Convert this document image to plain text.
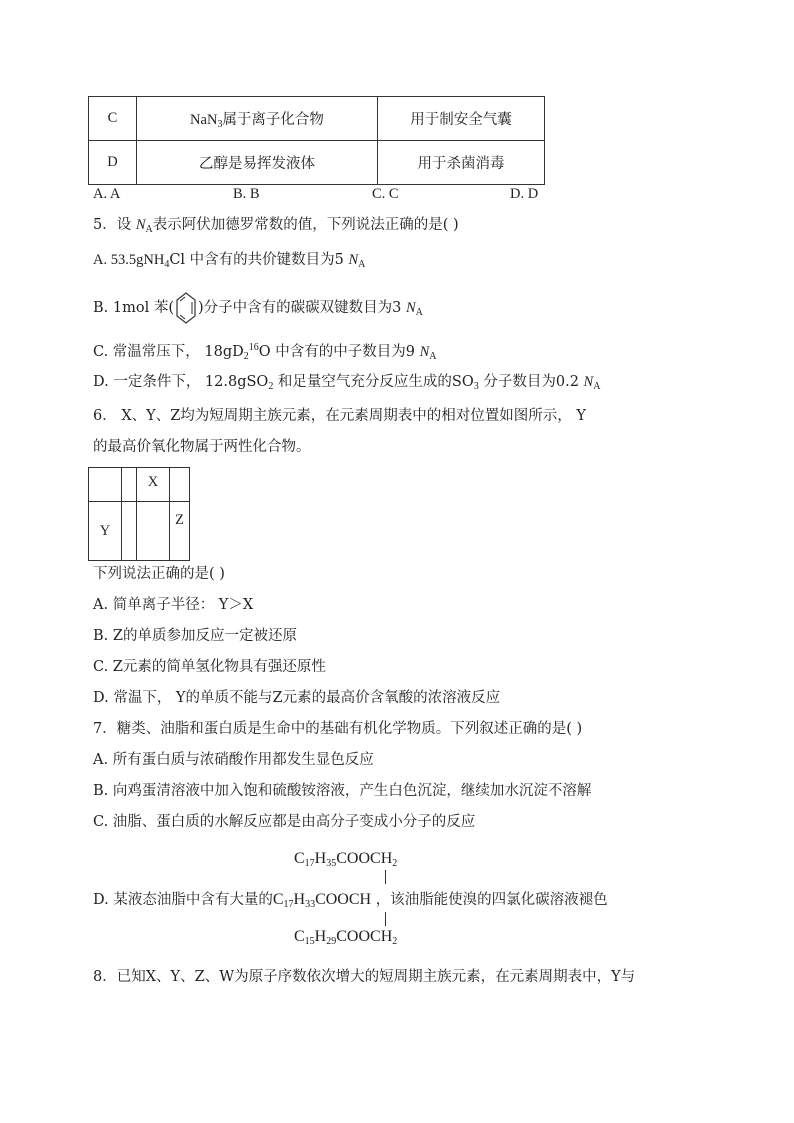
C	NaN$_3$属于离子化合物	用于制安全气囊
D	乙醇是易挥发液体	用于杀菌消毒
A. A	B. B	C. C	D. D
5．设 $N_A$表示阿伏加德罗常数的值，下列说法正确的是( )
A. 53.5gNH$_4$Cl 中含有的共价键数目为5 $N_A$
B. 1mol 苯( )分子中含有的碳碳双键数目为3 $N_A$
C. 常温常压下， $18gD_2^{16}O$ 中含有的中子数目为9 $N_A$
D. 一定条件下， 12.8gSO$_2$ 和足量空气充分反应生成的$SO_3$ 分子数目为0.2 $N_A$
6． X、Y、Z均为短周期主族元素，在元素周期表中的相对位置如图所示， Y
的最高价氧化物属于两性化合物。
		X	
Y			Z
下列说法正确的是( )
A. 简单离子半径： Y＞X
B. Z的单质参加反应一定被还原
C. Z元素的简单氢化物具有强还原性
D. 常温下， Y的单质不能与Z元素的最高价含氧酸的浓溶液反应
7．糖类、油脂和蛋白质是生命中的基础有机化学物质。下列叙述正确的是( )
A. 所有蛋白质与浓硝酸作用都发生显色反应
B. 向鸡蛋清溶液中加入饱和硫酸铵溶液，产生白色沉淀，继续加水沉淀不溶解
C. 油脂、蛋白质的水解反应都是由高分子变成小分子的反应
$C_{17}H_{35}COOCH_2$
D. 某液态油脂中含有大量的$C_{17}H_{33}COOCH$ ，该油脂能使溴的四氯化碳溶液褪色
$C_{15}H_{29}COOCH_2$
8．已知X、Y、Z、W为原子序数依次增大的短周期主族元素，在元素周期表中，Y与
